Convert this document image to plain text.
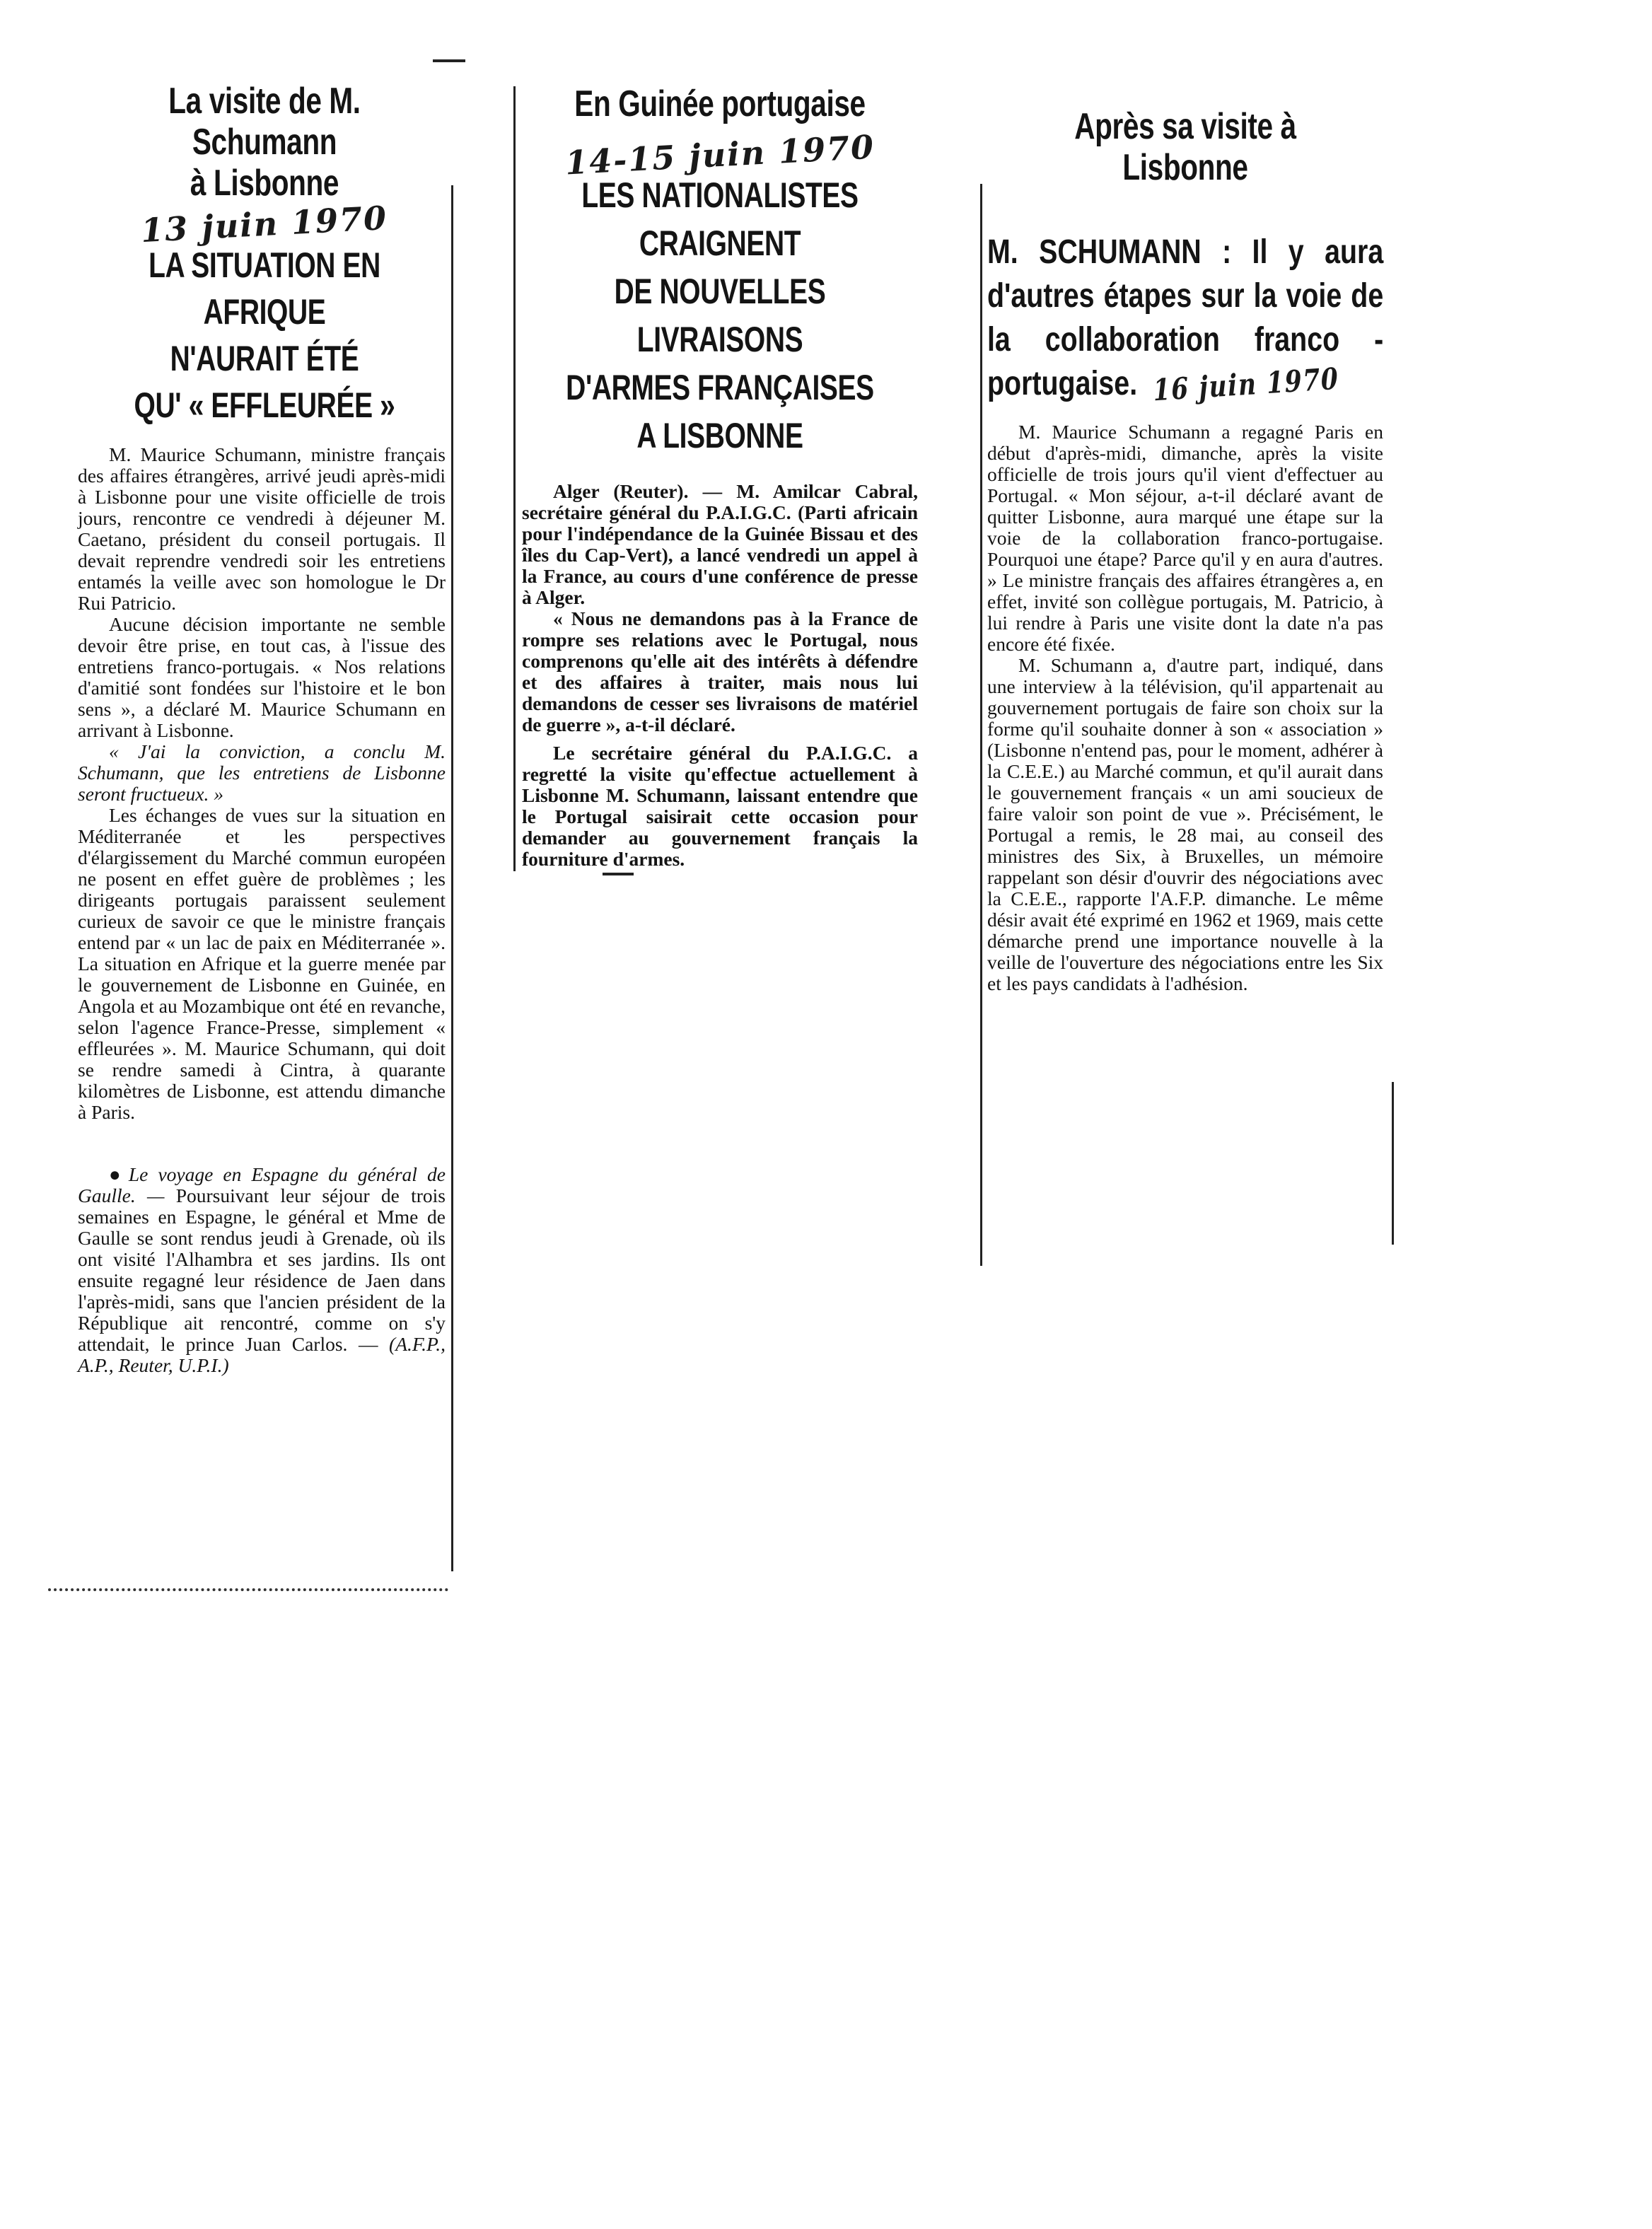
La visite de M. Schumann
à Lisbonne
13 juin 1970
LA SITUATION EN AFRIQUE
N'AURAIT ÉTÉ
QU' « EFFLEURÉE »

M. Maurice Schumann, ministre français des affaires étrangères, arrivé jeudi après-midi à Lisbonne pour une visite officielle de trois jours, rencontre ce vendredi à déjeuner M. Caetano, président du conseil portugais. Il devait reprendre vendredi soir les entretiens entamés la veille avec son homologue le Dr Rui Patricio.

Aucune décision importante ne semble devoir être prise, en tout cas, à l'issue des entretiens franco-portugais. « Nos relations d'amitié sont fondées sur l'histoire et le bon sens », a déclaré M. Maurice Schumann en arrivant à Lisbonne.

« J'ai la conviction, a conclu M. Schumann, que les entretiens de Lisbonne seront fructueux. »

Les échanges de vues sur la situation en Méditerranée et les perspectives d'élargissement du Marché commun européen ne posent en effet guère de problèmes ; les dirigeants portugais paraissent seulement curieux de savoir ce que le ministre français entend par « un lac de paix en Méditerranée ». La situation en Afrique et la guerre menée par le gouvernement de Lisbonne en Guinée, en Angola et au Mozambique ont été en revanche, selon l'agence France-Presse, simplement « effleurées ». M. Maurice Schumann, qui doit se rendre samedi à Cintra, à quarante kilomètres de Lisbonne, est attendu dimanche à Paris.

● Le voyage en Espagne du général de Gaulle. — Poursuivant leur séjour de trois semaines en Espagne, le général et Mme de Gaulle se sont rendus jeudi à Grenade, où ils ont visité l'Alhambra et ses jardins. Ils ont ensuite regagné leur résidence de Jaen dans l'après-midi, sans que l'ancien président de la République ait rencontré, comme on s'y attendait, le prince Juan Carlos. — (A.F.P., A.P., Reuter, U.P.I.)

En Guinée portugaise
14-15 juin 1970
LES NATIONALISTES CRAIGNENT
DE NOUVELLES LIVRAISONS
D'ARMES FRANÇAISES
A LISBONNE

Alger (Reuter). — M. Amilcar Cabral, secrétaire général du P.A.I.G.C. (Parti africain pour l'indépendance de la Guinée Bissau et des îles du Cap-Vert), a lancé vendredi un appel à la France, au cours d'une conférence de presse à Alger.

« Nous ne demandons pas à la France de rompre ses relations avec le Portugal, nous comprenons qu'elle ait des intérêts à défendre et des affaires à traiter, mais nous lui demandons de cesser ses livraisons de matériel de guerre », a-t-il déclaré.

Le secrétaire général du P.A.I.G.C. a regretté la visite qu'effectue actuellement à Lisbonne M. Schumann, laissant entendre que le Portugal saisirait cette occasion pour demander au gouvernement français la fourniture d'armes.

Après sa visite à Lisbonne
M. SCHUMANN : Il y aura d'autres étapes sur la voie de la collaboration franco - portugaise. 16 juin 1970

M. Maurice Schumann a regagné Paris en début d'après-midi, dimanche, après la visite officielle de trois jours qu'il vient d'effectuer au Portugal. « Mon séjour, a-t-il déclaré avant de quitter Lisbonne, aura marqué une étape sur la voie de la collaboration franco-portugaise. Pourquoi une étape? Parce qu'il y en aura d'autres. » Le ministre français des affaires étrangères a, en effet, invité son collègue portugais, M. Patricio, à lui rendre à Paris une visite dont la date n'a pas encore été fixée.

M. Schumann a, d'autre part, indiqué, dans une interview à la télévision, qu'il appartenait au gouvernement portugais de faire son choix sur la forme qu'il souhaite donner à son « association » (Lisbonne n'entend pas, pour le moment, adhérer à la C.E.E.) au Marché commun, et qu'il aurait dans le gouvernement français « un ami soucieux de faire valoir son point de vue ». Précisément, le Portugal a remis, le 28 mai, au conseil des ministres des Six, à Bruxelles, un mémoire rappelant son désir d'ouvrir des négociations avec la C.E.E., rapporte l'A.F.P. dimanche. Le même désir avait été exprimé en 1962 et 1969, mais cette démarche prend une importance nouvelle à la veille de l'ouverture des négociations entre les Six et les pays candidats à l'adhésion.
